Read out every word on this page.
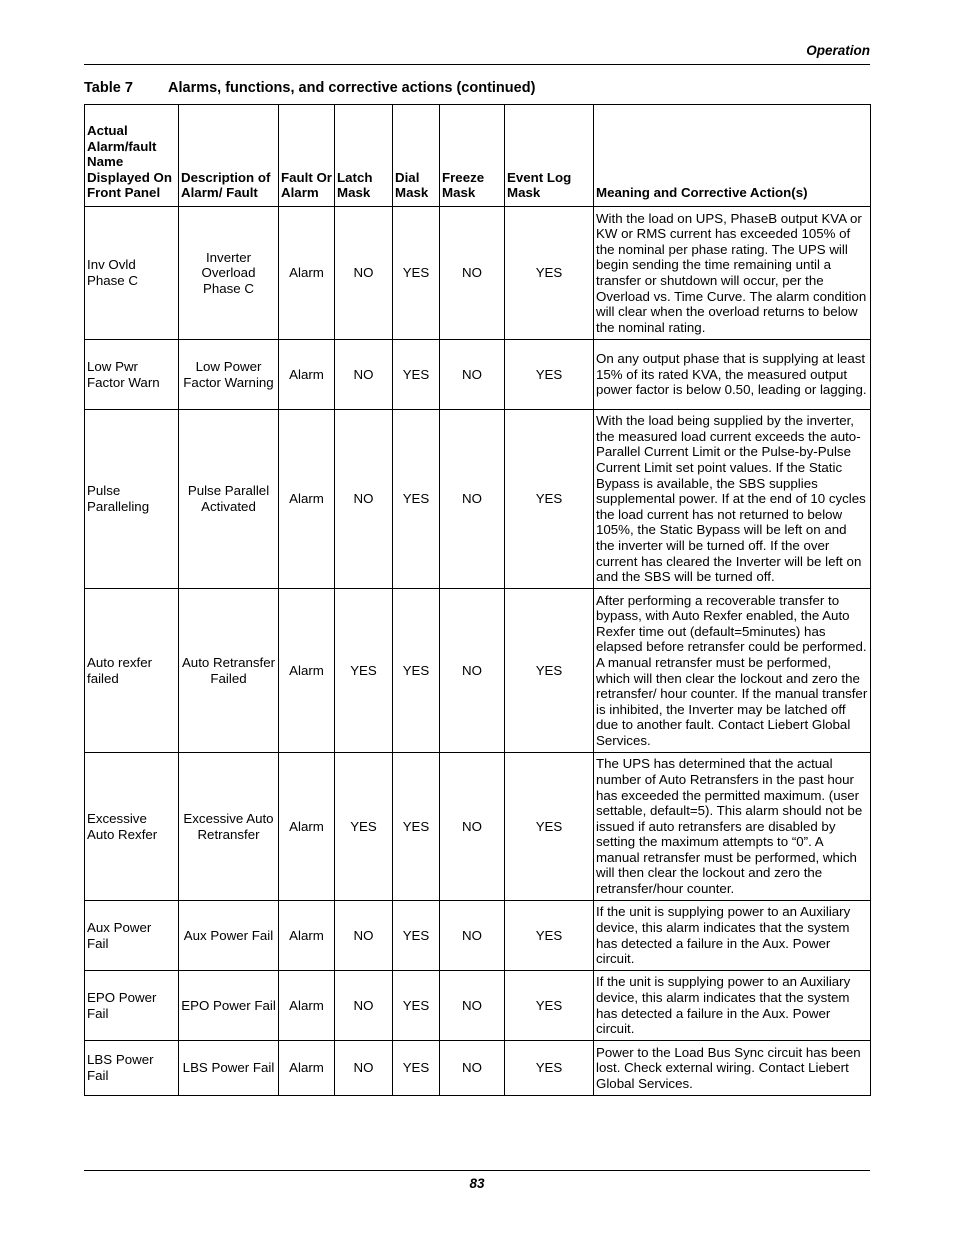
Operation
Table 7 Alarms, functions, and corrective actions (continued)
Actual Alarm/fault Name Displayed On Front Panel	Description of Alarm/ Fault	Fault Or Alarm	Latch Mask	Dial Mask	Freeze Mask	Event Log Mask	Meaning and Corrective Action(s)
Inv Ovld Phase C	Inverter Overload Phase C	Alarm	NO	YES	NO	YES	With the load on UPS, PhaseB output KVA or KW or RMS current has exceeded 105% of the nominal per phase rating. The UPS will begin sending the time remaining until a transfer or shutdown will occur, per the Overload vs. Time Curve. The alarm condition will clear when the overload returns to below the nominal rating.
Low Pwr Factor Warn	Low Power Factor Warning	Alarm	NO	YES	NO	YES	On any output phase that is supplying at least 15% of its rated KVA, the measured output power factor is below 0.50, leading or lagging.
Pulse Paralleling	Pulse Parallel Activated	Alarm	NO	YES	NO	YES	With the load being supplied by the inverter, the measured load current exceeds the auto-Parallel Current Limit or the Pulse-by-Pulse Current Limit set point values. If the Static Bypass is available, the SBS supplies supplemental power. If at the end of 10 cycles the load current has not returned to below 105%, the Static Bypass will be left on and the inverter will be turned off. If the over current has cleared the Inverter will be left on and the SBS will be turned off.
Auto rexfer failed	Auto Retransfer Failed	Alarm	YES	YES	NO	YES	After performing a recoverable transfer to bypass, with Auto Rexfer enabled, the Auto Rexfer time out (default=5minutes) has elapsed before retransfer could be performed. A manual retransfer must be performed, which will then clear the lockout and zero the retransfer/ hour counter. If the manual transfer is inhibited, the Inverter may be latched off due to another fault. Contact Liebert Global Services.
Excessive Auto Rexfer	Excessive Auto Retransfer	Alarm	YES	YES	NO	YES	The UPS has determined that the actual number of Auto Retransfers in the past hour has exceeded the permitted maximum. (user settable, default=5). This alarm should not be issued if auto retransfers are disabled by setting the maximum attempts to “0”. A manual retransfer must be performed, which will then clear the lockout and zero the retransfer/hour counter.
Aux Power Fail	Aux Power Fail	Alarm	NO	YES	NO	YES	If the unit is supplying power to an Auxiliary device, this alarm indicates that the system has detected a failure in the Aux. Power circuit.
EPO Power Fail	EPO Power Fail	Alarm	NO	YES	NO	YES	If the unit is supplying power to an Auxiliary device, this alarm indicates that the system has detected a failure in the Aux. Power circuit.
LBS Power Fail	LBS Power Fail	Alarm	NO	YES	NO	YES	Power to the Load Bus Sync circuit has been lost. Check external wiring. Contact Liebert Global Services.
83
